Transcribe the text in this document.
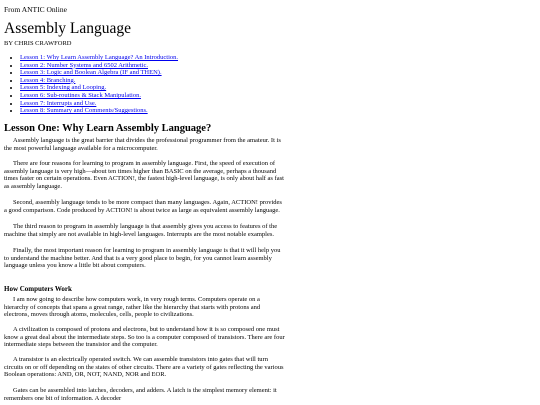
From ANTIC Online
Assembly Language
BY CHRIS CRAWFORD
• Lesson 1: Why Learn Assembly Language? An Introduction.
• Lesson 2: Number Systems and 6502 Arithmetic.
• Lesson 3: Logic and Boolean Algebra (IF and THEN).
• Lesson 4: Branching.
• Lesson 5: Indexing and Looping.
• Lesson 6: Sub-routines & Stack Manipulation.
• Lesson 7: Interrupts and Use.
• Lesson 8: Summary and Comments/Suggestions.
Lesson One: Why Learn Assembly Language?

Assembly language is the great barrier that divides the professional programmer from the amateur. It is the most powerful language available for a microcomputer.

There are four reasons for learning to program in assembly language. First, the speed of execution of assembly language is very high—about ten times higher than BASIC on the average, perhaps a thousand times faster on certain operations. Even ACTION!, the fastest high-level language, is only about half as fast as assembly language.

Second, assembly language tends to be more compact than many languages. Again, ACTION! provides a good comparison. Code produced by ACTION! is about twice as large as equivalent assembly language.

The third reason to program in assembly language is that assembly gives you access to features of the machine that simply are not available in high-level languages. Interrupts are the most notable examples.

Finally, the most important reason for learning to program in assembly language is that it will help you to understand the machine better. And that is a very good place to begin, for you cannot learn assembly language unless you know a little bit about computers.

How Computers Work

I am now going to describe how computers work, in very rough terms. Computers operate on a hierarchy of concepts that spans a great range, rather like the hierarchy that starts with protons and electrons, moves through atoms, molecules, cells, people to civilizations.

A civilization is composed of protons and electrons, but to understand how it is so composed one must know a great deal about the intermediate steps. So too is a computer composed of transistors. There are four intermediate steps between the transistor and the computer.

A transistor is an electrically operated switch. We can assemble transistors into gates that will turn circuits on or off depending on the states of other circuits. There are a variety of gates reflecting the various Boolean operations: AND, OR, NOT, NAND, NOR and EOR.

Gates can be assembled into latches, decoders, and adders. A latch is the simplest memory element: it remembers one bit of information. A decoder
